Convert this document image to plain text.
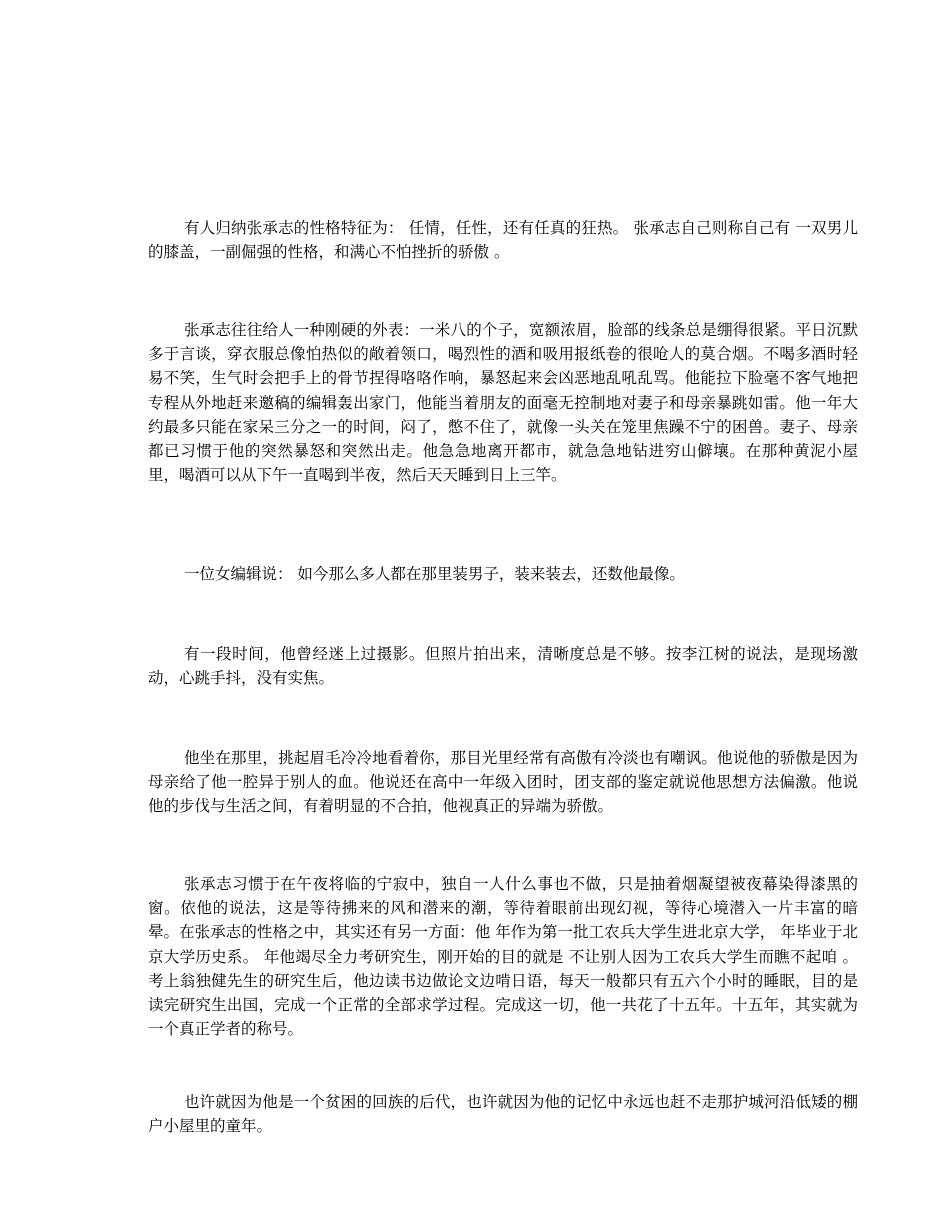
有人归纳张承志的性格特征为： 任情，任性，还有任真的狂热。 张承志自己则称自己有 一双男儿的膝盖，一副倔强的性格，和满心不怕挫折的骄傲 。

张承志往往给人一种刚硬的外表：一米八的个子，宽额浓眉，脸部的线条总是绷得很紧。平日沉默多于言谈，穿衣服总像怕热似的敞着领口，喝烈性的酒和吸用报纸卷的很呛人的莫合烟。不喝多酒时轻易不笑，生气时会把手上的骨节捏得咯咯作响，暴怒起来会凶恶地乱吼乱骂。他能拉下脸毫不客气地把专程从外地赶来邀稿的编辑轰出家门，他能当着朋友的面毫无控制地对妻子和母亲暴跳如雷。他一年大约最多只能在家呆三分之一的时间，闷了，憋不住了，就像一头关在笼里焦躁不宁的困兽。妻子、母亲都已习惯于他的突然暴怒和突然出走。他急急地离开都市，就急急地钻进穷山僻壤。在那种黄泥小屋里，喝酒可以从下午一直喝到半夜，然后天天睡到日上三竿。

一位女编辑说： 如今那么多人都在那里装男子，装来装去，还数他最像。

有一段时间，他曾经迷上过摄影。但照片拍出来，清晰度总是不够。按李江树的说法，是现场激动，心跳手抖，没有实焦。

他坐在那里，挑起眉毛冷冷地看着你，那目光里经常有高傲有冷淡也有嘲讽。他说他的骄傲是因为母亲给了他一腔异于别人的血。他说还在高中一年级入团时，团支部的鉴定就说他思想方法偏激。他说他的步伐与生活之间，有着明显的不合拍，他视真正的异端为骄傲。

张承志习惯于在午夜将临的宁寂中，独自一人什么事也不做，只是抽着烟凝望被夜幕染得漆黑的窗。依他的说法，这是等待拂来的风和潜来的潮，等待着眼前出现幻视，等待心境潜入一片丰富的暗晕。在张承志的性格之中，其实还有另一方面：他 年作为第一批工农兵大学生进北京大学， 年毕业于北京大学历史系。 年他竭尽全力考研究生，刚开始的目的就是 不让别人因为工农兵大学生而瞧不起咱 。考上翁独健先生的研究生后，他边读书边做论文边啃日语，每天一般都只有五六个小时的睡眠，目的是读完研究生出国，完成一个正常的全部求学过程。完成这一切，他一共花了十五年。十五年，其实就为一个真正学者的称号。

也许就因为他是一个贫困的回族的后代，也许就因为他的记忆中永远也赶不走那护城河沿低矮的棚户小屋里的童年。
